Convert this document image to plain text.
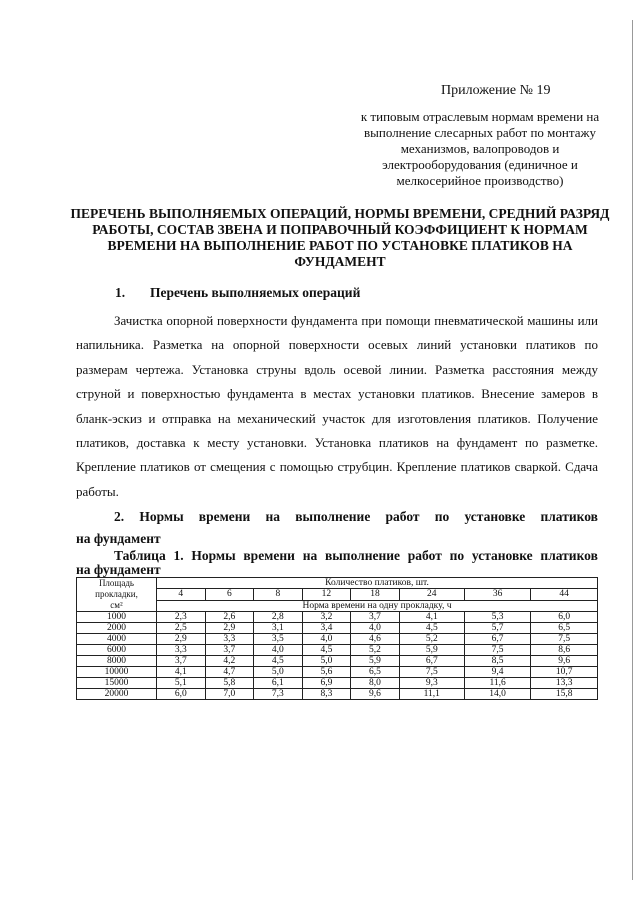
Приложение № 19
к типовым отраслевым нормам времени на выполнение слесарных работ по монтажу механизмов, валопроводов и электрооборудования (единичное и мелкосерийное производство)
ПЕРЕЧЕНЬ ВЫПОЛНЯЕМЫХ ОПЕРАЦИЙ, НОРМЫ ВРЕМЕНИ, СРЕДНИЙ РАЗРЯД РАБОТЫ, СОСТАВ ЗВЕНА И ПОПРАВОЧНЫЙ КОЭФФИЦИЕНТ К НОРМАМ ВРЕМЕНИ НА ВЫПОЛНЕНИЕ РАБОТ ПО УСТАНОВКЕ ПЛАТИКОВ НА ФУНДАМЕНТ
1. Перечень выполняемых операций

Зачистка опорной поверхности фундамента при помощи пневматической машины или напильника. Разметка на опорной поверхности осевых линий установки платиков по размерам чертежа. Установка струны вдоль осевой линии. Разметка расстояния между струной и поверхностью фундамента в местах установки платиков. Внесение замеров в бланк-эскиз и отправка на механический участок для изготовления платиков. Получение платиков, доставка к месту установки. Установка платиков на фундамент по разметке. Крепление платиков от смещения с помощью струбцин. Крепление платиков сваркой. Сдача работы.

2. Нормы времени на выполнение работ по установке платиков
на фундамент
Таблица 1. Нормы времени на выполнение работ по установке платиков
на фундамент
Площадь
прокладки,
см²	Количество платиков, шт.							
	4	6	8	12	18	24	36	44
	Норма времени на одну прокладку, ч							
1000	2,3	2,6	2,8	3,2	3,7	4,1	5,3	6,0
2000	2,5	2,9	3,1	3,4	4,0	4,5	5,7	6,5
4000	2,9	3,3	3,5	4,0	4,6	5,2	6,7	7,5
6000	3,3	3,7	4,0	4,5	5,2	5,9	7,5	8,6
8000	3,7	4,2	4,5	5,0	5,9	6,7	8,5	9,6
10000	4,1	4,7	5,0	5,6	6,5	7,5	9,4	10,7
15000	5,1	5,8	6,1	6,9	8,0	9,3	11,6	13,3
20000	6,0	7,0	7,3	8,3	9,6	11,1	14,0	15,8
